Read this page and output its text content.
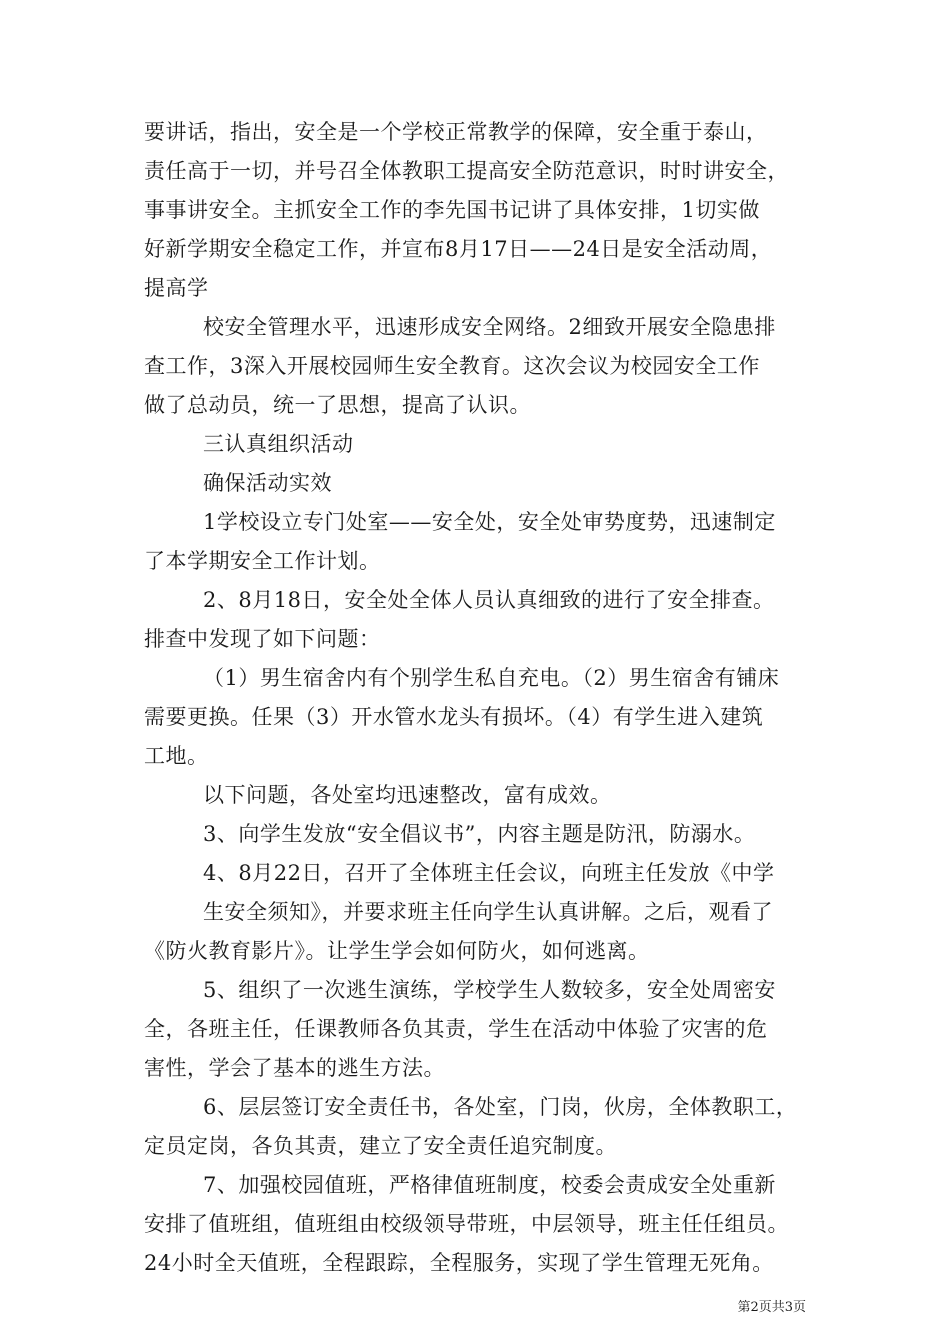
要讲话，指出，安全是一个学校正常教学的保障，安全重于泰山，
责任高于一切，并号召全体教职工提高安全防范意识，时时讲安全，
事事讲安全。主抓安全工作的李先国书记讲了具体安排，1切实做
好新学期安全稳定工作，并宣布8月17日——24日是安全活动周，
提高学
校安全管理水平，迅速形成安全网络。2细致开展安全隐患排
查工作，3深入开展校园师生安全教育。这次会议为校园安全工作
做了总动员，统一了思想，提高了认识。
三认真组织活动
确保活动实效
1学校设立专门处室——安全处，安全处审势度势，迅速制定
了本学期安全工作计划。
2、8月18日，安全处全体人员认真细致的进行了安全排查。
排查中发现了如下问题：
（1）男生宿舍内有个别学生私自充电。（2）男生宿舍有铺床
需要更换。任果（3）开水管水龙头有损坏。（4）有学生进入建筑
工地。
以下问题，各处室均迅速整改，富有成效。
3、向学生发放“安全倡议书”，内容主题是防汛，防溺水。
4、8月22日，召开了全体班主任会议，向班主任发放《中学
生安全须知》，并要求班主任向学生认真讲解。之后，观看了
《防火教育影片》。让学生学会如何防火，如何逃离。
5、组织了一次逃生演练，学校学生人数较多，安全处周密安
全，各班主任，任课教师各负其责，学生在活动中体验了灾害的危
害性，学会了基本的逃生方法。
6、层层签订安全责任书，各处室，门岗，伙房，全体教职工，
定员定岗，各负其责，建立了安全责任追究制度。
7、加强校园值班，严格律值班制度，校委会责成安全处重新
安排了值班组，值班组由校级领导带班，中层领导，班主任任组员。
24小时全天值班，全程跟踪，全程服务，实现了学生管理无死角。
第2页共3页
